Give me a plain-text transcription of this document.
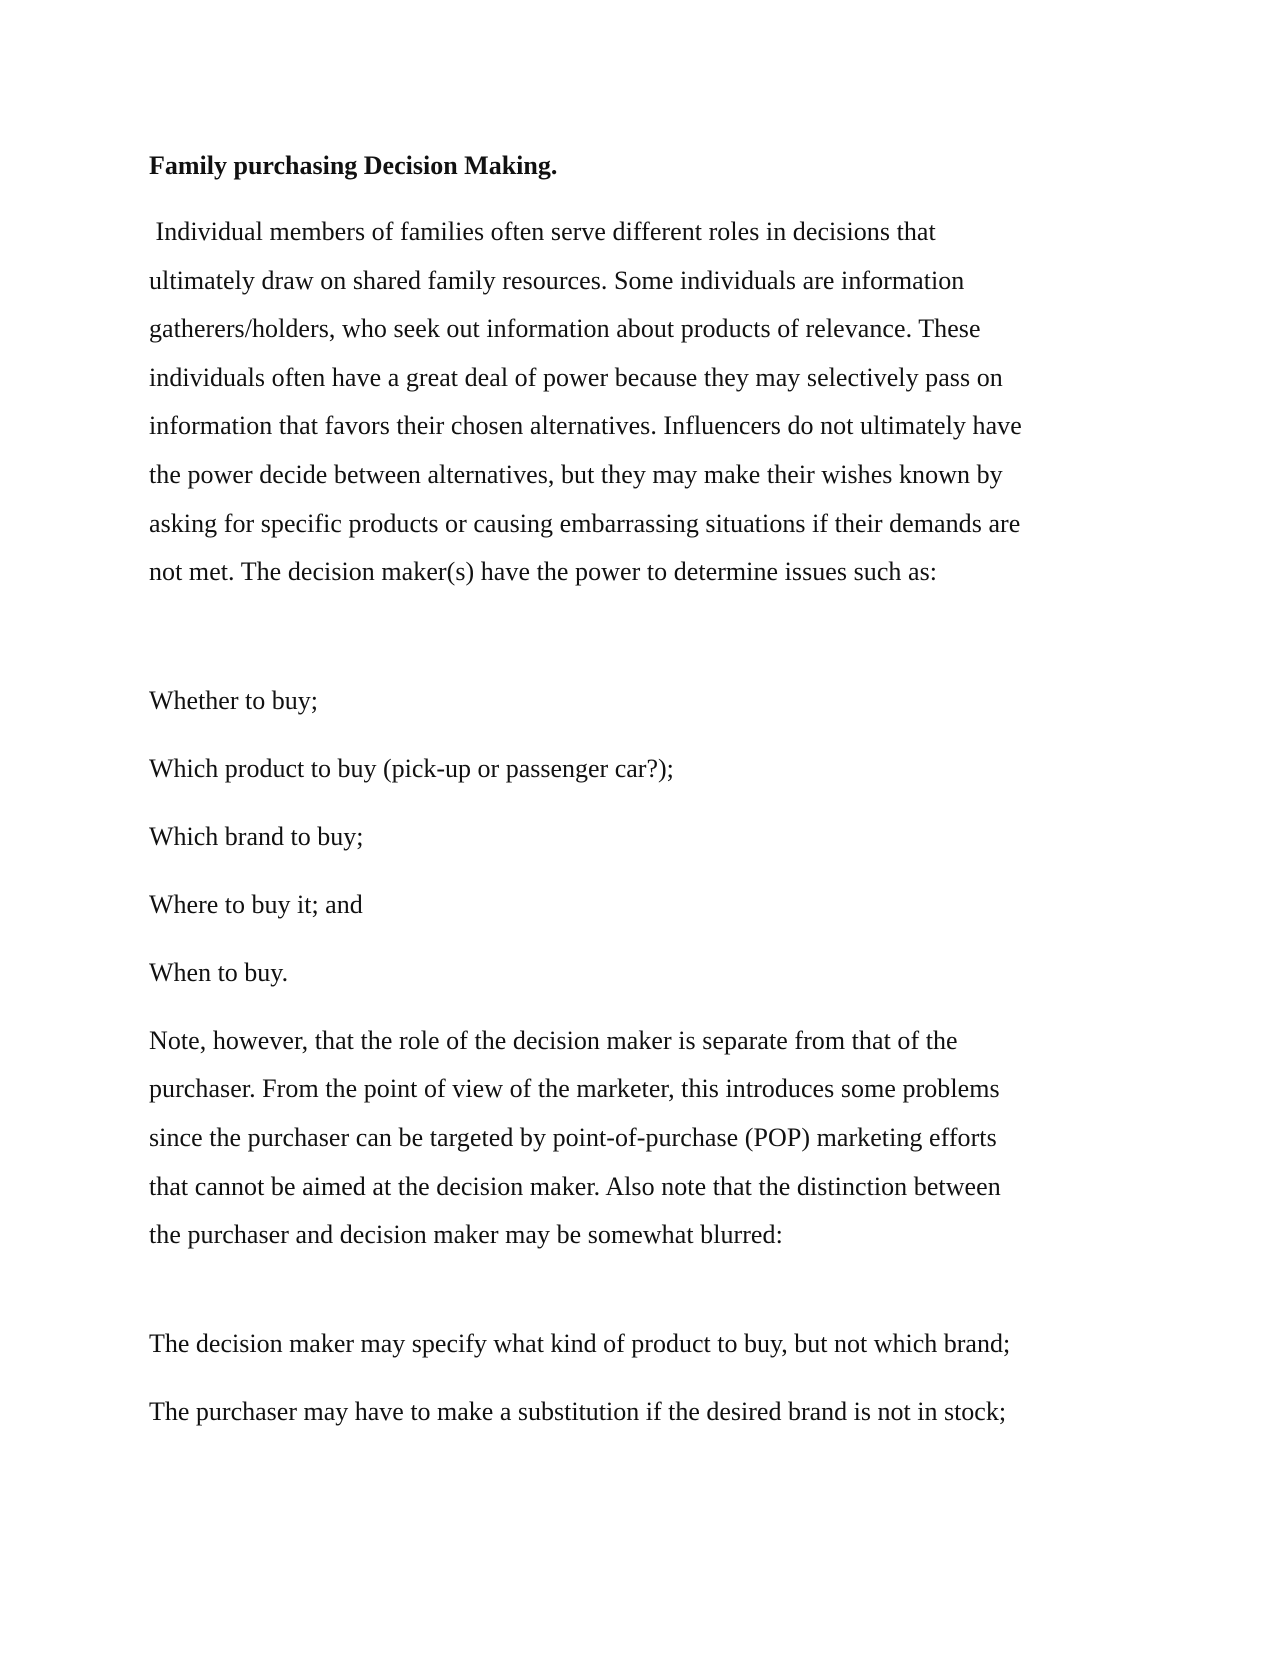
Family purchasing Decision Making.
Individual members of families often serve different roles in decisions that
ultimately draw on shared family resources. Some individuals are information
gatherers/holders, who seek out information about products of relevance. These
individuals often have a great deal of power because they may selectively pass on
information that favors their chosen alternatives. Influencers do not ultimately have
the power decide between alternatives, but they may make their wishes known by
asking for specific products or causing embarrassing situations if their demands are
not met. The decision maker(s) have the power to determine issues such as:
Whether to buy;
Which product to buy (pick-up or passenger car?);
Which brand to buy;
Where to buy it; and
When to buy.
Note, however, that the role of the decision maker is separate from that of the
purchaser. From the point of view of the marketer, this introduces some problems
since the purchaser can be targeted by point-of-purchase (POP) marketing efforts
that cannot be aimed at the decision maker. Also note that the distinction between
the purchaser and decision maker may be somewhat blurred:
The decision maker may specify what kind of product to buy, but not which brand;
The purchaser may have to make a substitution if the desired brand is not in stock;
